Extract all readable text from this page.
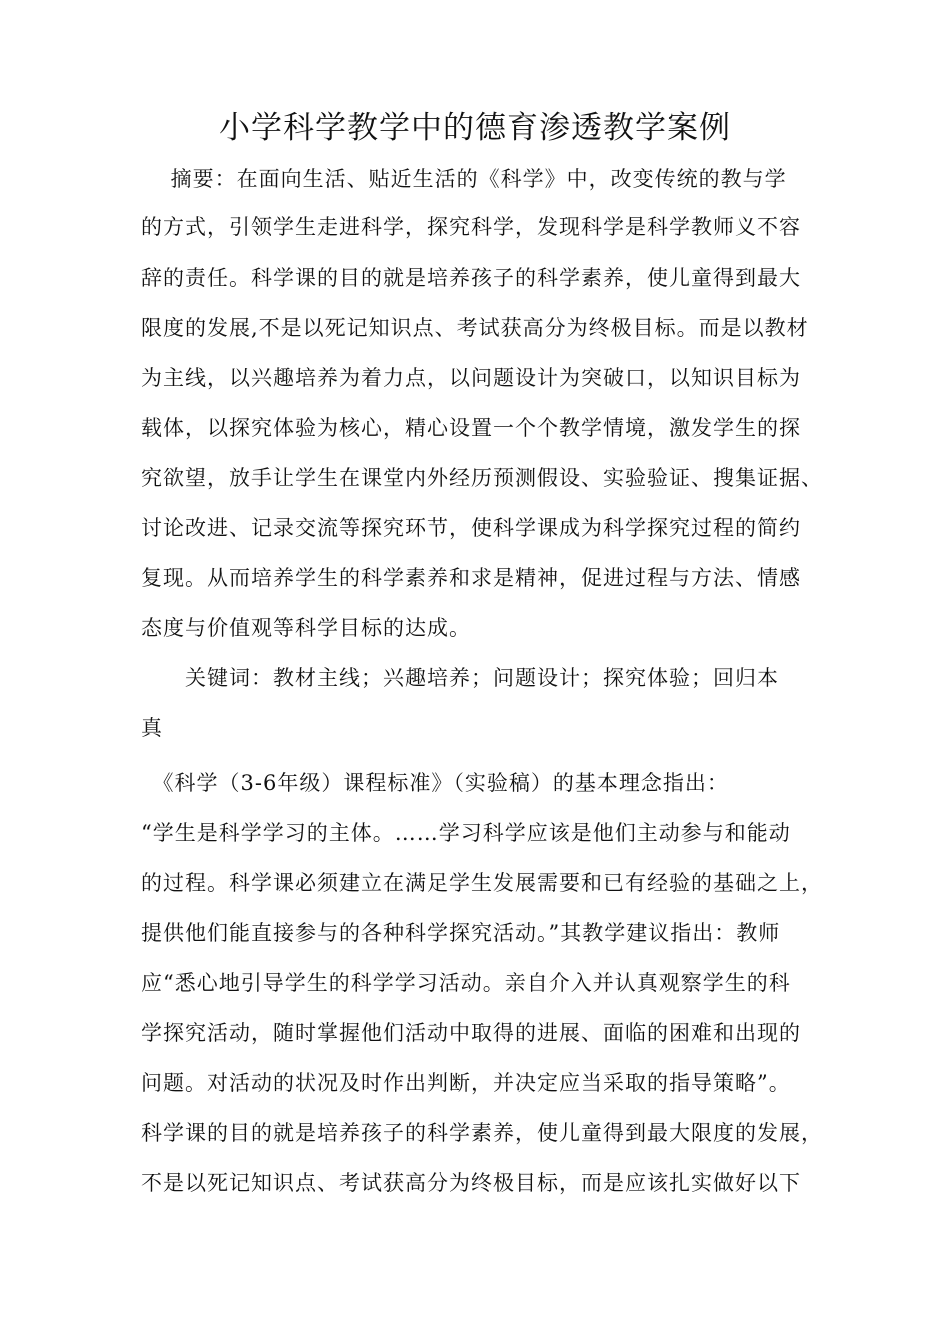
小学科学教学中的德育渗透教学案例
　 摘要：在面向生活、贴近生活的《科学》中，改变传统的教与学
的方式，引领学生走进科学，探究科学，发现科学是科学教师义不容
辞的责任。科学课的目的就是培养孩子的科学素养，使儿童得到最大
限度的发展,不是以死记知识点、考试获高分为终极目标。而是以教材
为主线，以兴趣培养为着力点，以问题设计为突破口，以知识目标为
载体，以探究体验为核心，精心设置一个个教学情境，激发学生的探
究欲望，放手让学生在课堂内外经历预测假设、实验验证、搜集证据、
讨论改进、记录交流等探究环节，使科学课成为科学探究过程的简约
复现。从而培养学生的科学素养和求是精神，促进过程与方法、情感
态度与价值观等科学目标的达成。
　　关键词：教材主线；兴趣培养；问题设计；探究体验；回归本
真
　《科学（3-6年级）课程标准》（实验稿）的基本理念指出：
“学生是科学学习的主体。……学习科学应该是他们主动参与和能动
的过程。科学课必须建立在满足学生发展需要和已有经验的基础之上，
提供他们能直接参与的各种科学探究活动。”其教学建议指出：教师
应“悉心地引导学生的科学学习活动。亲自介入并认真观察学生的科
学探究活动，随时掌握他们活动中取得的进展、面临的困难和出现的
问题。对活动的状况及时作出判断，并决定应当采取的指导策略”。
科学课的目的就是培养孩子的科学素养，使儿童得到最大限度的发展，
不是以死记知识点、考试获高分为终极目标，而是应该扎实做好以下
